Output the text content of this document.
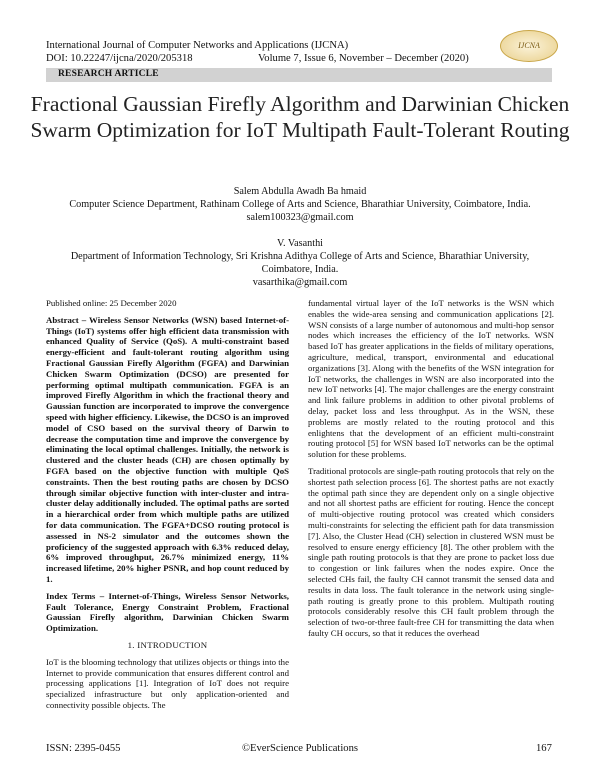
International Journal of Computer Networks and Applications (IJCNA)
DOI: 10.22247/ijcna/2020/205318	Volume 7, Issue 6, November – December (2020)
IJCNA
RESEARCH ARTICLE
Fractional Gaussian Firefly Algorithm and Darwinian Chicken Swarm Optimization for IoT Multipath Fault-Tolerant Routing
Salem Abdulla Awadh Ba hmaid
Computer Science Department, Rathinam College of Arts and Science, Bharathiar University, Coimbatore, India.
salem100323@gmail.com
V. Vasanthi
Department of Information Technology, Sri Krishna Adithya College of Arts and Science, Bharathiar University,
Coimbatore, India.
vasarthika@gmail.com

Published online: 25 December 2020

Abstract – Wireless Sensor Networks (WSN) based Internet-of-Things (IoT) systems offer high efficient data transmission with enhanced Quality of Service (QoS). A multi-constraint based energy-efficient and fault-tolerant routing algorithm using Fractional Gaussian Firefly Algorithm (FGFA) and Darwinian Chicken Swarm Optimization (DCSO) are presented for performing optimal multipath communication. FGFA is an improved Firefly Algorithm in which the fractional theory and Gaussian function are incorporated to improve the convergence speed with higher efficiency. Likewise, the DCSO is an improved model of CSO based on the survival theory of Darwin to decrease the computation time and improve the convergence by eliminating the local optimal challenges. Initially, the network is clustered and the cluster heads (CH) are chosen optimally by FGFA based on the objective function with multiple QoS constraints. Then the best routing paths are chosen by DCSO through similar objective function with inter-cluster and intra-cluster delay additionally included. The optimal paths are sorted in a hierarchical order from which multiple paths are utilized for data communication. The FGFA+DCSO routing protocol is assessed in NS-2 simulator and the outcomes shown the proficiency of the suggested approach with 6.3% reduced delay, 6% improved throughput, 26.7% minimized energy, 11% increased lifetime, 20% higher PSNR, and hop count reduced by 1.

Index Terms – Internet-of-Things, Wireless Sensor Networks, Fault Tolerance, Energy Constraint Problem, Fractional Gaussian Firefly algorithm, Darwinian Chicken Swarm Optimization.

1. INTRODUCTION

IoT is the blooming technology that utilizes objects or things into the Internet to provide communication that ensures different control and processing applications [1]. Integration of IoT does not require specialized infrastructure but only application-oriented and connectivity possible objects. The

fundamental virtual layer of the IoT networks is the WSN which enables the wide-area sensing and communication applications [2]. WSN consists of a large number of autonomous and multi-hop sensor nodes which increases the efficiency of the IoT networks. WSN based IoT has greater applications in the fields of military operations, agriculture, medical, transport, environmental and educational organizations [3]. Along with the benefits of the WSN integration for IoT networks, the challenges in WSN are also incorporated into the new IoT networks [4]. The major challenges are the energy constraint and link failure problems in addition to other pivotal problems of delay, packet loss and less throughput. As in the WSN, these problems are mostly related to the routing protocol and this enlightens that the development of an efficient multi-constraint routing protocol [5] for WSN based IoT networks can be the optimal solution for these problems.

Traditional protocols are single-path routing protocols that rely on the shortest path selection process [6]. The shortest paths are not exactly the optimal path since they are dependent only on a single objective and not all shortest paths are efficient for routing. Hence the concept of multi-objective routing protocol was created which considers multi-constraints for selecting the efficient path for data transmission [7]. Also, the Cluster Head (CH) selection in clustered WSN must be resolved to ensure energy efficiency [8]. The other problem with the single path routing protocols is that they are prone to packet loss due to congestion or link failures when the nodes expire. Once the selected CHs fail, the faulty CH cannot transmit the sensed data and results in data loss. The fault tolerance in the network using single-path routing is greatly prone to this problem. Multipath routing protocols considerably resolve this CH fault problem through the selection of two-or-three fault-free CH for transmitting the data when faulty CH occurs, so that it reduces the overhead

ISSN: 2395-0455	©EverScience Publications	167
